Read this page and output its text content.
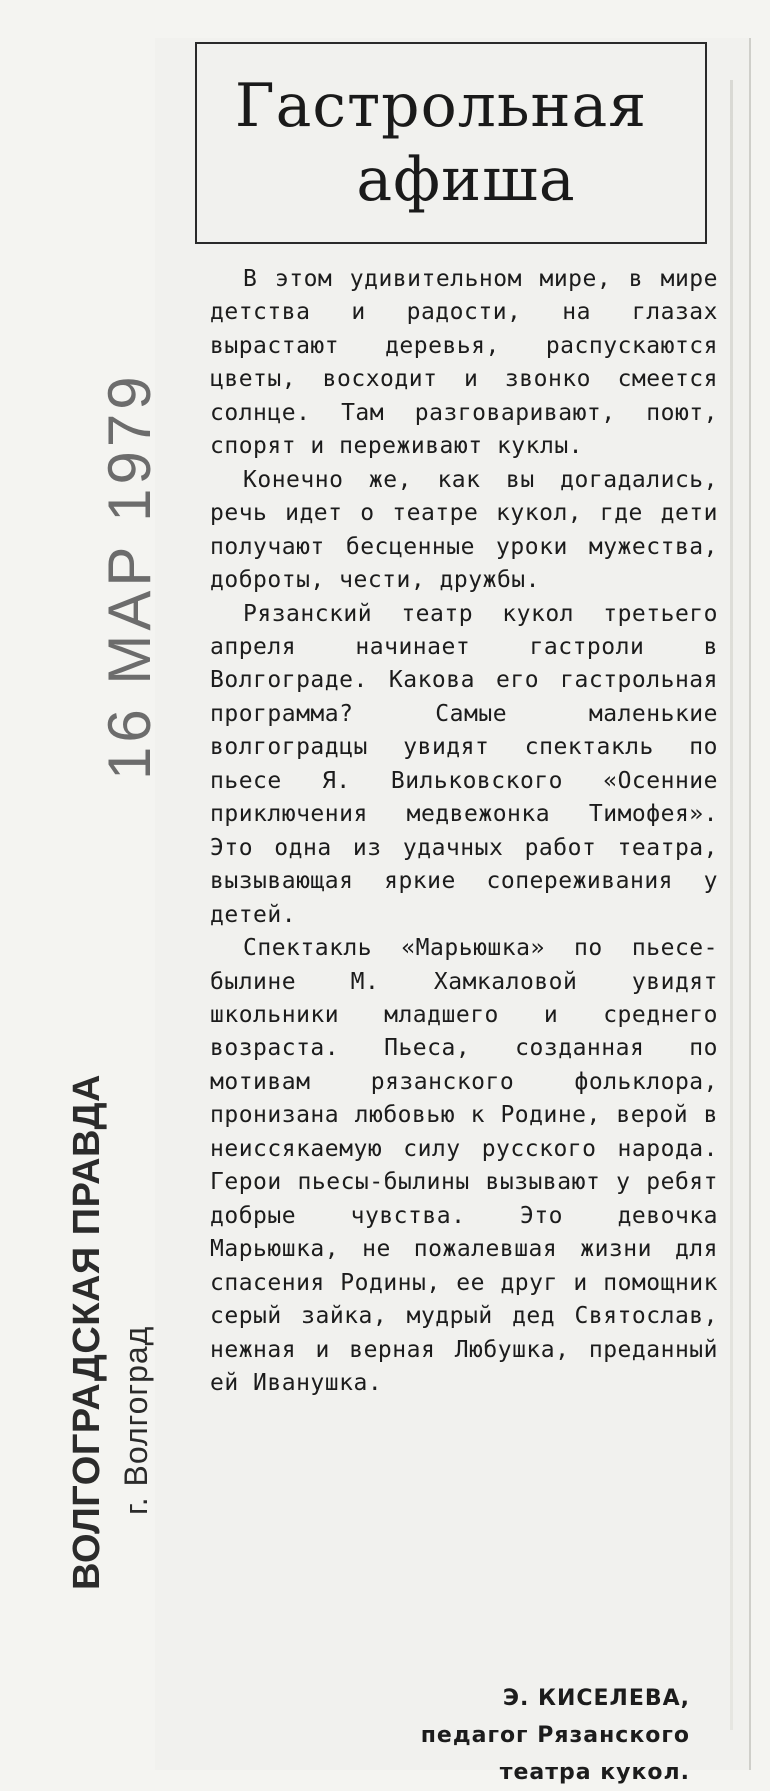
Гастрольная
афиша

В этом удивительном мире, в мире детства и радости, на глазах вырастают деревья, распускаются цветы, восходит и звонко смеется солнце. Там разговаривают, поют, спорят и переживают куклы.

Конечно же, как вы догадались, речь идет о театре кукол, где дети получают бесценные уроки мужества, доброты, чести, дружбы.

Рязанский театр кукол третьего апреля начинает гастроли в Волгограде. Какова его гастрольная программа? Самые маленькие волгоградцы увидят спектакль по пьесе Я. Вильковского «Осенние приключения медвежонка Тимофея». Это одна из удачных работ театра, вызывающая яркие сопереживания у детей.

Спектакль «Марьюшка» по пьесе-былине М. Хамкаловой увидят школьники младшего и среднего возраста. Пьеса, созданная по мотивам рязанского фольклора, пронизана любовью к Родине, верой в неиссякаемую силу русского народа. Герои пьесы-былины вызывают у ребят добрые чувства. Это девочка Марьюшка, не пожалевшая жизни для спасения Родины, ее друг и помощник серый зайка, мудрый дед Святослав, нежная и верная Любушка, преданный ей Иванушка.

Э. КИСЕЛЕВА,
педагог Рязанского
театра кукол.
16 МАР 1979
ВОЛГОГРАДСКАЯ ПРАВДА г. Волгоград
